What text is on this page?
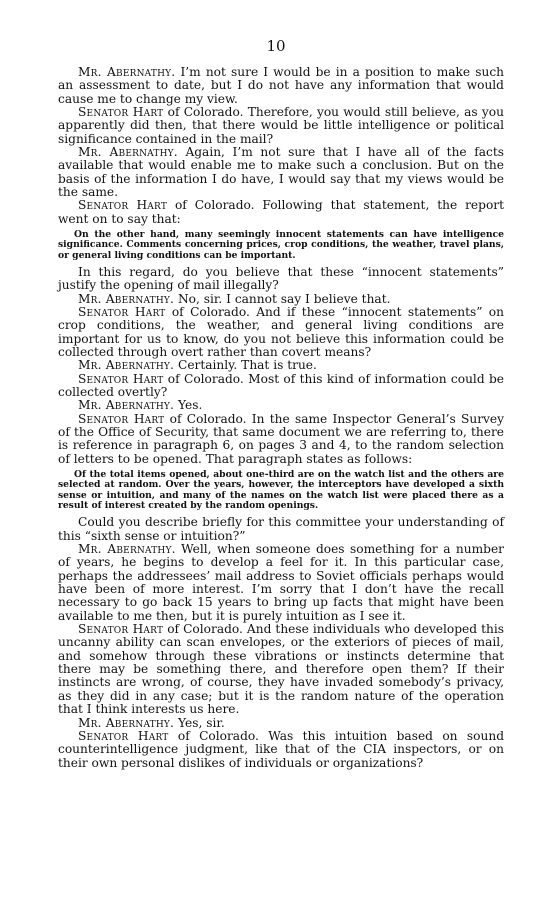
10

Mr. Abernathy. I’m not sure I would be in a position to make such an assessment to date, but I do not have any information that would cause me to change my view.

Senator Hart of Colorado. Therefore, you would still believe, as you apparently did then, that there would be little intelligence or political significance contained in the mail?

Mr. Abernathy. Again, I’m not sure that I have all of the facts available that would enable me to make such a conclusion. But on the basis of the information I do have, I would say that my views would be the same.

Senator Hart of Colorado. Following that statement, the report went on to say that:

On the other hand, many seemingly innocent statements can have intelligence significance. Comments concerning prices, crop conditions, the weather, travel plans, or general living conditions can be important.

In this regard, do you believe that these “innocent statements” justify the opening of mail illegally?

Mr. Abernathy. No, sir. I cannot say I believe that.

Senator Hart of Colorado. And if these “innocent statements” on crop conditions, the weather, and general living conditions are important for us to know, do you not believe this information could be collected through overt rather than covert means?

Mr. Abernathy. Certainly. That is true.

Senator Hart of Colorado. Most of this kind of information could be collected overtly?

Mr. Abernathy. Yes.

Senator Hart of Colorado. In the same Inspector General’s Survey of the Office of Security, that same document we are referring to, there is reference in paragraph 6, on pages 3 and 4, to the random selection of letters to be opened. That paragraph states as follows:

Of the total items opened, about one-third are on the watch list and the others are selected at random. Over the years, however, the interceptors have developed a sixth sense or intuition, and many of the names on the watch list were placed there as a result of interest created by the random openings.

Could you describe briefly for this committee your understanding of this “sixth sense or intuition?”

Mr. Abernathy. Well, when someone does something for a number of years, he begins to develop a feel for it. In this particular case, perhaps the addressees’ mail address to Soviet officials perhaps would have been of more interest. I’m sorry that I don’t have the recall necessary to go back 15 years to bring up facts that might have been available to me then, but it is purely intuition as I see it.

Senator Hart of Colorado. And these individuals who developed this uncanny ability can scan envelopes, or the exteriors of pieces of mail, and somehow through these vibrations or instincts determine that there may be something there, and therefore open them? If their instincts are wrong, of course, they have invaded somebody’s privacy, as they did in any case; but it is the random nature of the operation that I think interests us here.

Mr. Abernathy. Yes, sir.

Senator Hart of Colorado. Was this intuition based on sound counterintelligence judgment, like that of the CIA inspectors, or on their own personal dislikes of individuals or organizations?
